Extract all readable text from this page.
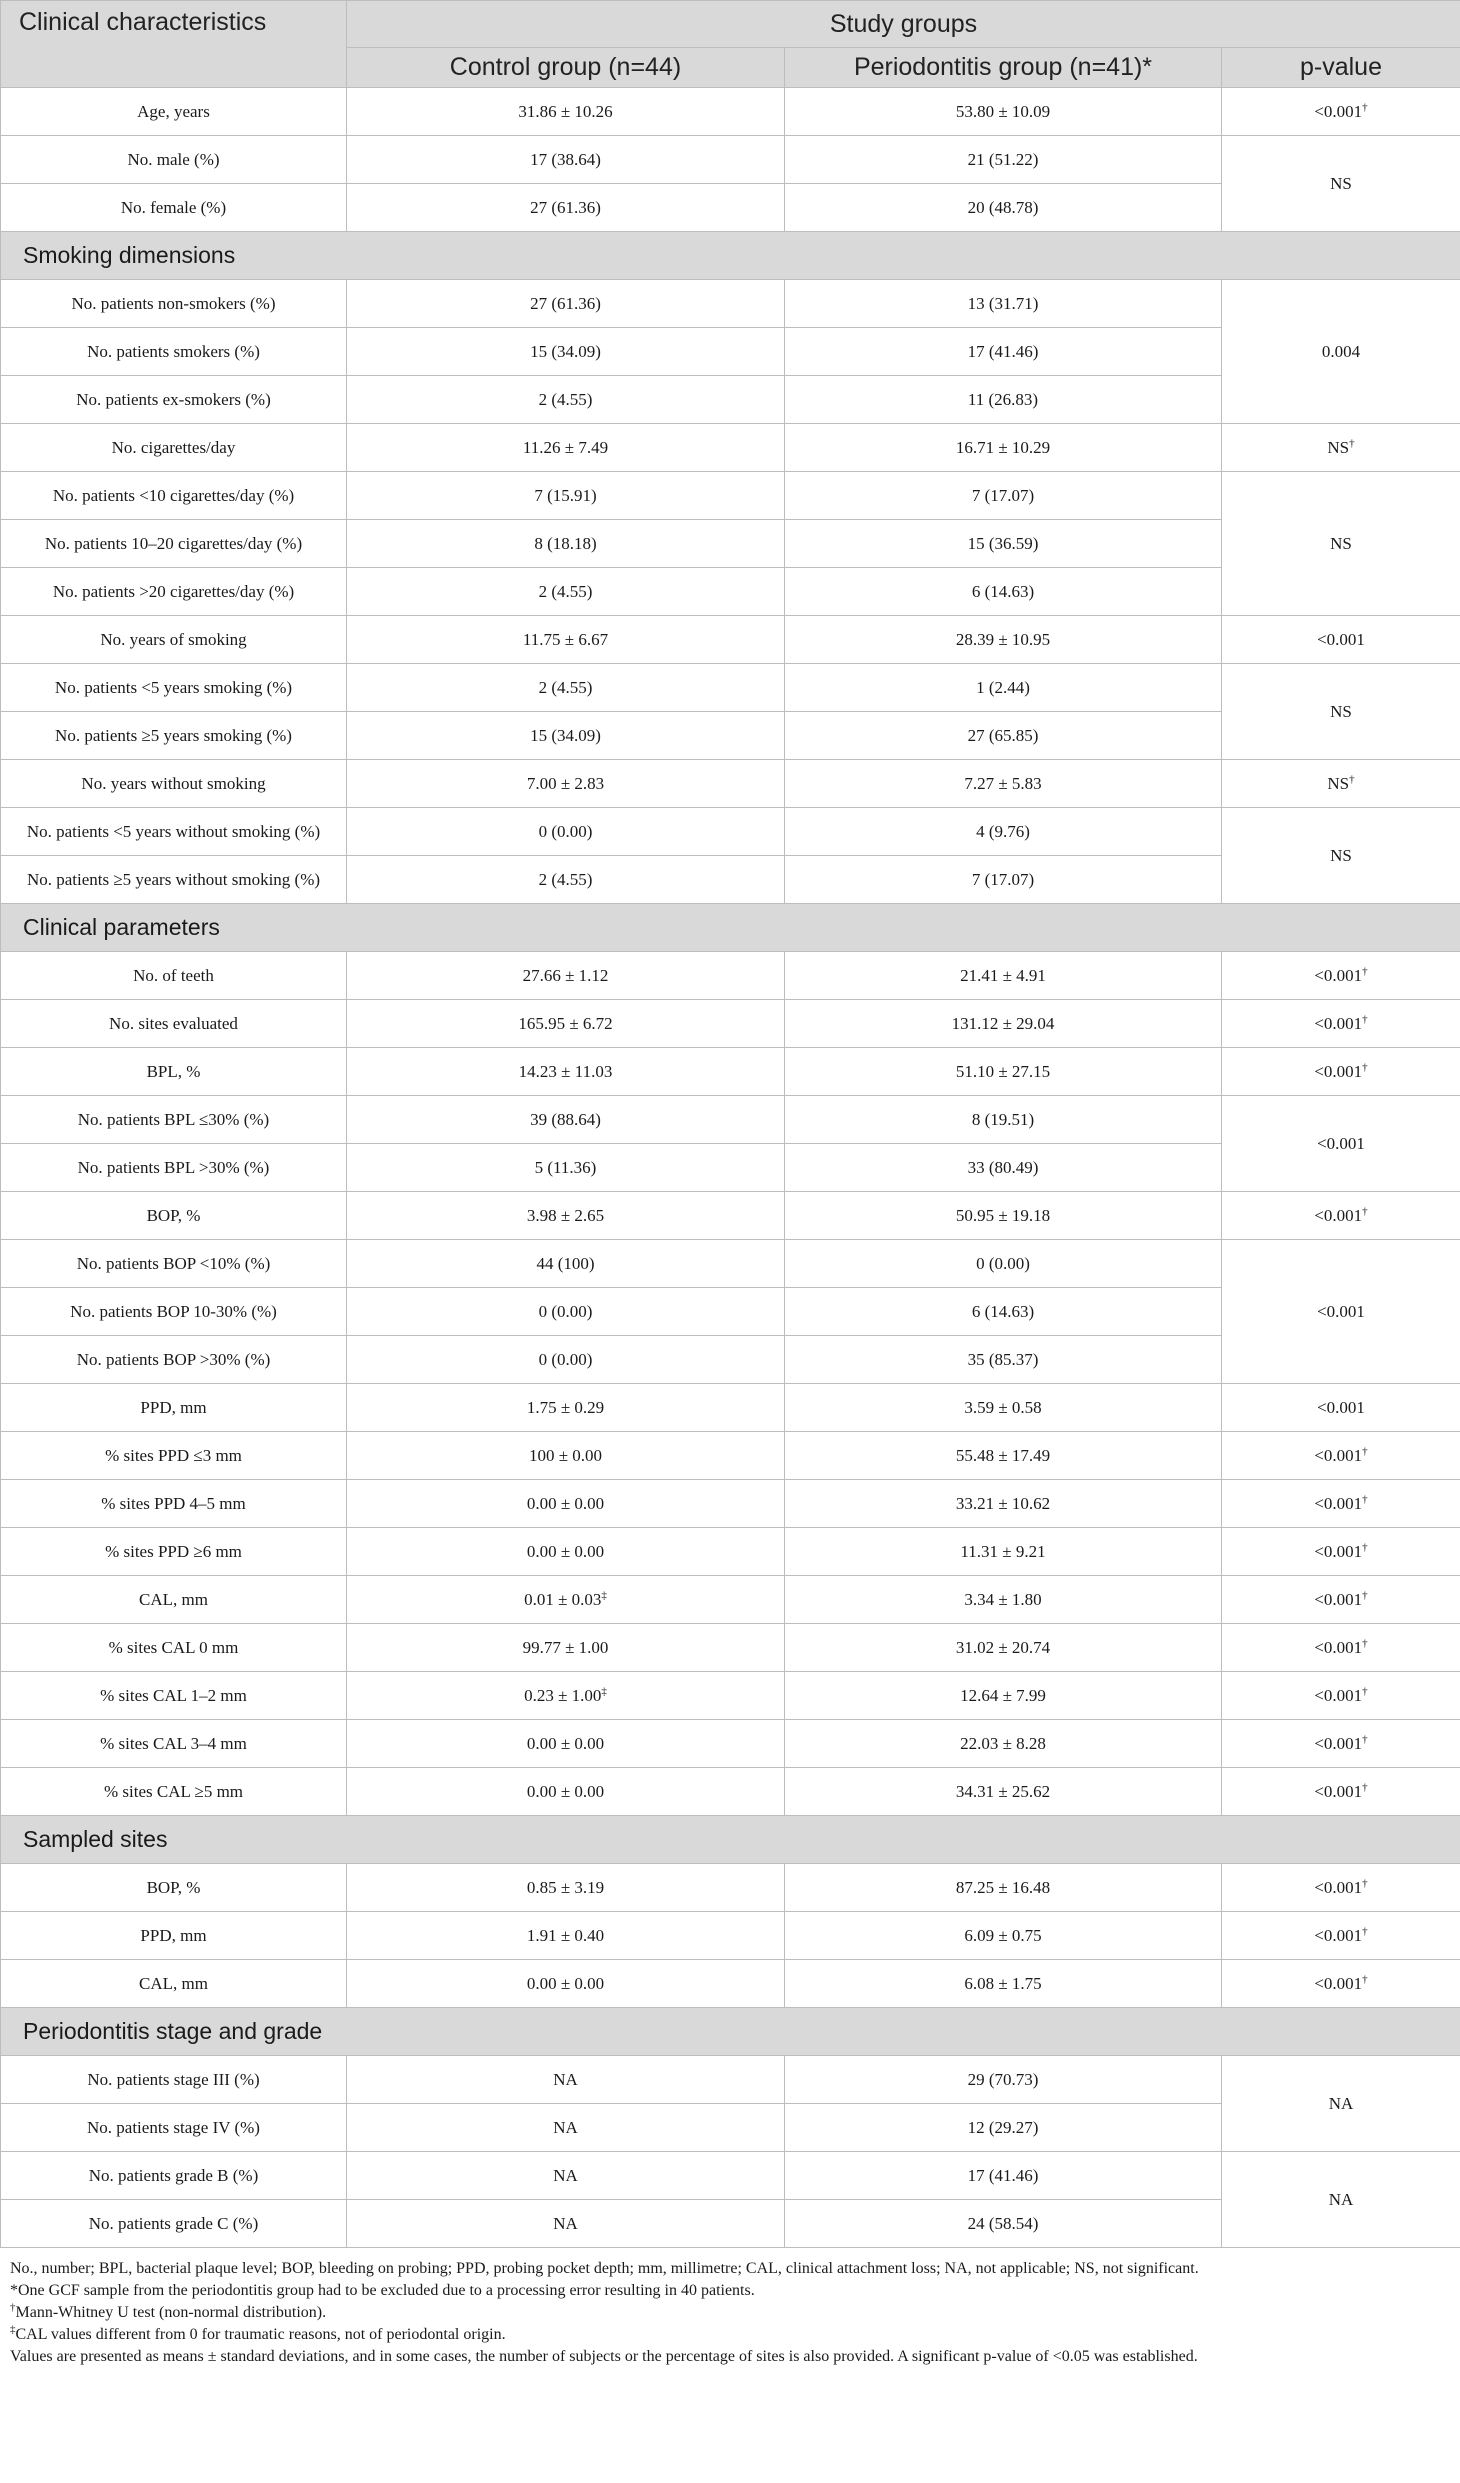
Clinical characteristics	Study groups		
	Control group (n=44)	Periodontitis group (n=41)*	p-value
Age, years	31.86 ± 10.26	53.80 ± 10.09	<0.001†
No. male (%)	17 (38.64)	21 (51.22)	NS
No. female (%)	27 (61.36)	20 (48.78)	
Smoking dimensions			
No. patients non-smokers (%)	27 (61.36)	13 (31.71)	0.004
No. patients smokers (%)	15 (34.09)	17 (41.46)	
No. patients ex-smokers (%)	2 (4.55)	11 (26.83)	
No. cigarettes/day	11.26 ± 7.49	16.71 ± 10.29	NS†
No. patients <10 cigarettes/day (%)	7 (15.91)	7 (17.07)	NS
No. patients 10–20 cigarettes/day (%)	8 (18.18)	15 (36.59)	
No. patients >20 cigarettes/day (%)	2 (4.55)	6 (14.63)	
No. years of smoking	11.75 ± 6.67	28.39 ± 10.95	<0.001
No. patients <5 years smoking (%)	2 (4.55)	1 (2.44)	NS
No. patients ≥5 years smoking (%)	15 (34.09)	27 (65.85)	
No. years without smoking	7.00 ± 2.83	7.27 ± 5.83	NS†
No. patients <5 years without smoking (%)	0 (0.00)	4 (9.76)	NS
No. patients ≥5 years without smoking (%)	2 (4.55)	7 (17.07)	
Clinical parameters			
No. of teeth	27.66 ± 1.12	21.41 ± 4.91	<0.001†
No. sites evaluated	165.95 ± 6.72	131.12 ± 29.04	<0.001†
BPL, %	14.23 ± 11.03	51.10 ± 27.15	<0.001†
No. patients BPL ≤30% (%)	39 (88.64)	8 (19.51)	<0.001
No. patients BPL >30% (%)	5 (11.36)	33 (80.49)	
BOP, %	3.98 ± 2.65	50.95 ± 19.18	<0.001†
No. patients BOP <10% (%)	44 (100)	0 (0.00)	<0.001
No. patients BOP 10-30% (%)	0 (0.00)	6 (14.63)	
No. patients BOP >30% (%)	0 (0.00)	35 (85.37)	
PPD, mm	1.75 ± 0.29	3.59 ± 0.58	<0.001
% sites PPD ≤3 mm	100 ± 0.00	55.48 ± 17.49	<0.001†
% sites PPD 4–5 mm	0.00 ± 0.00	33.21 ± 10.62	<0.001†
% sites PPD ≥6 mm	0.00 ± 0.00	11.31 ± 9.21	<0.001†
CAL, mm	0.01 ± 0.03‡	3.34 ± 1.80	<0.001†
% sites CAL 0 mm	99.77 ± 1.00	31.02 ± 20.74	<0.001†
% sites CAL 1–2 mm	0.23 ± 1.00‡	12.64 ± 7.99	<0.001†
% sites CAL 3–4 mm	0.00 ± 0.00	22.03 ± 8.28	<0.001†
% sites CAL ≥5 mm	0.00 ± 0.00	34.31 ± 25.62	<0.001†
Sampled sites			
BOP, %	0.85 ± 3.19	87.25 ± 16.48	<0.001†
PPD, mm	1.91 ± 0.40	6.09 ± 0.75	<0.001†
CAL, mm	0.00 ± 0.00	6.08 ± 1.75	<0.001†
Periodontitis stage and grade			
No. patients stage III (%)	NA	29 (70.73)	NA
No. patients stage IV (%)	NA	12 (29.27)	
No. patients grade B (%)	NA	17 (41.46)	NA
No. patients grade C (%)	NA	24 (58.54)	

No., number; BPL, bacterial plaque level; BOP, bleeding on probing; PPD, probing pocket depth; mm, millimetre; CAL, clinical attachment loss; NA, not applicable; NS, not significant.

*One GCF sample from the periodontitis group had to be excluded due to a processing error resulting in 40 patients.

†Mann-Whitney U test (non-normal distribution).

‡CAL values different from 0 for traumatic reasons, not of periodontal origin.

Values are presented as means ± standard deviations, and in some cases, the number of subjects or the percentage of sites is also provided. A significant p-value of <0.05 was established.
